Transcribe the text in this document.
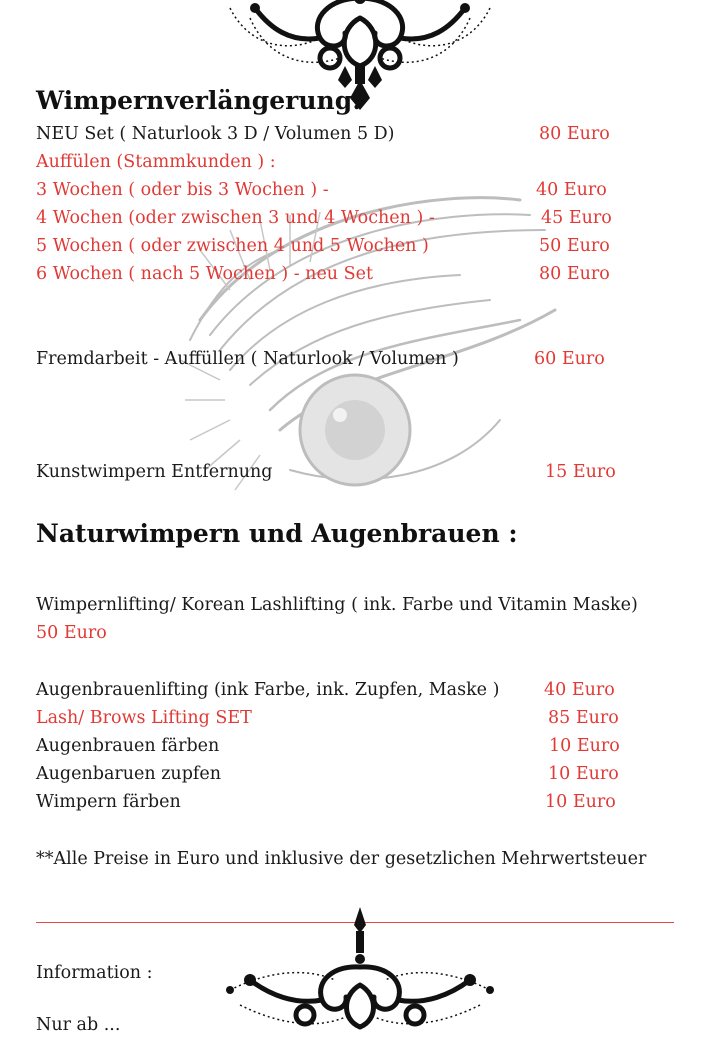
Wimpernverlängerung:
NEU Set ( Naturlook 3 D / Volumen 5 D)	80 Euro
Auffülen (Stammkunden ) :
3 Wochen ( oder bis 3 Wochen ) -	40 Euro
4 Wochen (oder zwischen 3 und 4 Wochen ) -	45 Euro
5 Wochen ( oder zwischen 4 und 5 Wochen )	50 Euro
6 Wochen ( nach 5 Wochen ) - neu Set	80 Euro
Fremdarbeit - Auffüllen ( Naturlook / Volumen )	60 Euro
Kunstwimpern Entfernung	15 Euro
Naturwimpern und Augenbrauen :
Wimpernlifting/ Korean Lashlifting ( ink. Farbe und Vitamin Maske)
50 Euro
Augenbrauenlifting (ink Farbe, ink. Zupfen, Maske )	40 Euro
Lash/ Brows Lifting SET	85 Euro
Augenbrauen färben	10 Euro
Augenbaruen zupfen	10 Euro
Wimpern färben	10 Euro
**Alle Preise in Euro und inklusive der gesetzlichen Mehrwertsteuer
Information :
Nur ab ...
